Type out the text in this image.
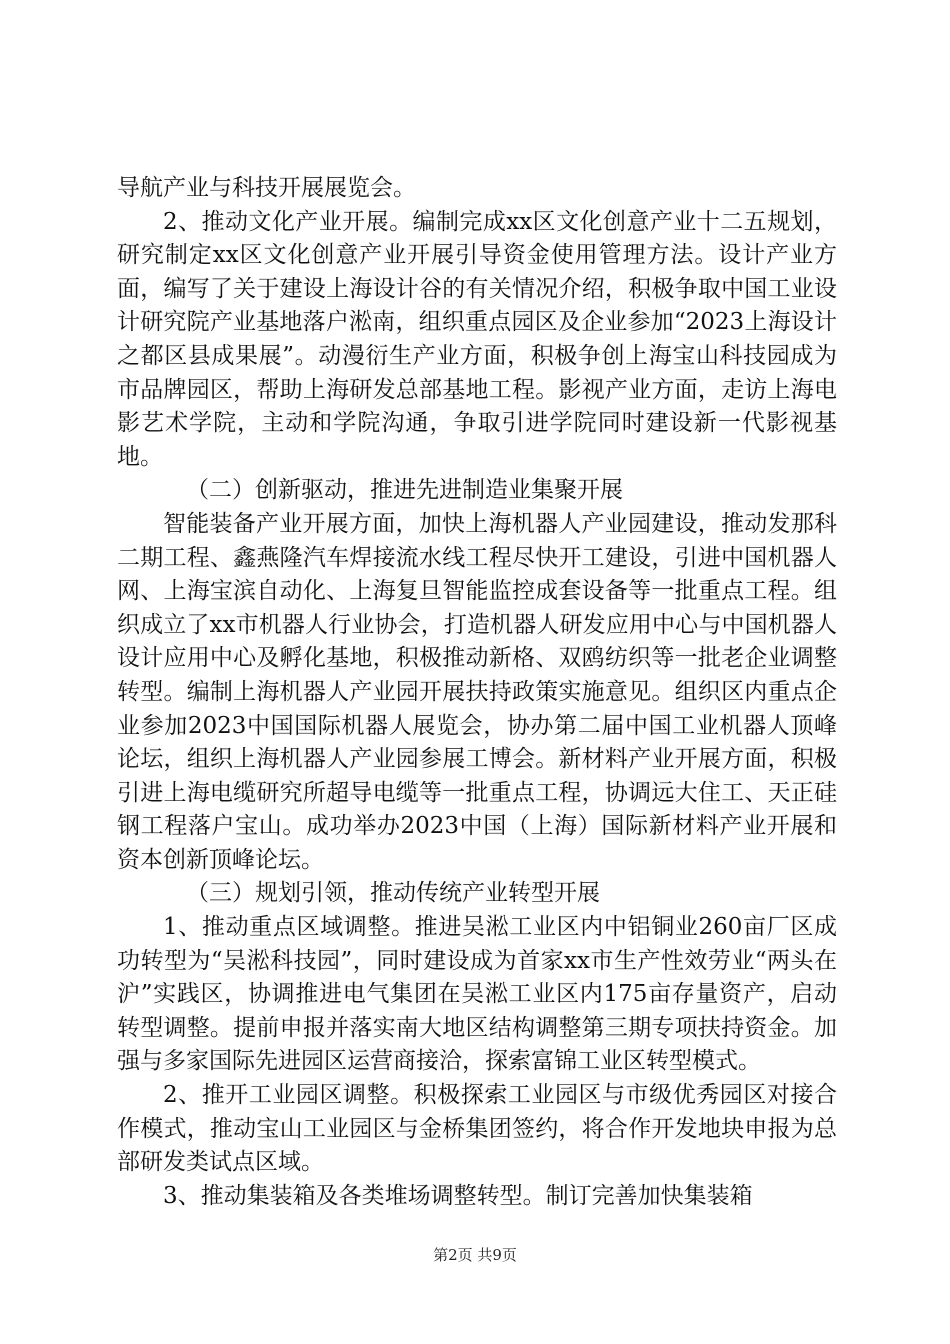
导航产业与科技开展展览会。

2、推动文化产业开展。编制完成xx区文化创意产业十二五规划，研究制定xx区文化创意产业开展引导资金使用管理方法。设计产业方面，编写了关于建设上海设计谷的有关情况介绍，积极争取中国工业设计研究院产业基地落户淞南，组织重点园区及企业参加“2023上海设计之都区县成果展”。动漫衍生产业方面，积极争创上海宝山科技园成为市品牌园区，帮助上海研发总部基地工程。影视产业方面，走访上海电影艺术学院，主动和学院沟通，争取引进学院同时建设新一代影视基地。

（二）创新驱动，推进先进制造业集聚开展

智能装备产业开展方面，加快上海机器人产业园建设，推动发那科二期工程、鑫燕隆汽车焊接流水线工程尽快开工建设，引进中国机器人网、上海宝滨自动化、上海复旦智能监控成套设备等一批重点工程。组织成立了xx市机器人行业协会，打造机器人研发应用中心与中国机器人设计应用中心及孵化基地，积极推动新格、双鸥纺织等一批老企业调整转型。编制上海机器人产业园开展扶持政策实施意见。组织区内重点企业参加2023中国国际机器人展览会，协办第二届中国工业机器人顶峰论坛，组织上海机器人产业园参展工博会。新材料产业开展方面，积极引进上海电缆研究所超导电缆等一批重点工程，协调远大住工、天正硅钢工程落户宝山。成功举办2023中国（上海）国际新材料产业开展和资本创新顶峰论坛。

（三）规划引领，推动传统产业转型开展

1、推动重点区域调整。推进吴淞工业区内中铝铜业260亩厂区成功转型为“吴淞科技园”，同时建设成为首家xx市生产性效劳业“两头在沪”实践区，协调推进电气集团在吴淞工业区内175亩存量资产，启动转型调整。提前申报并落实南大地区结构调整第三期专项扶持资金。加强与多家国际先进园区运营商接洽，探索富锦工业区转型模式。

2、推开工业园区调整。积极探索工业园区与市级优秀园区对接合作模式，推动宝山工业园区与金桥集团签约，将合作开发地块申报为总部研发类试点区域。

3、推动集装箱及各类堆场调整转型。制订完善加快集装箱

第2页 共9页
